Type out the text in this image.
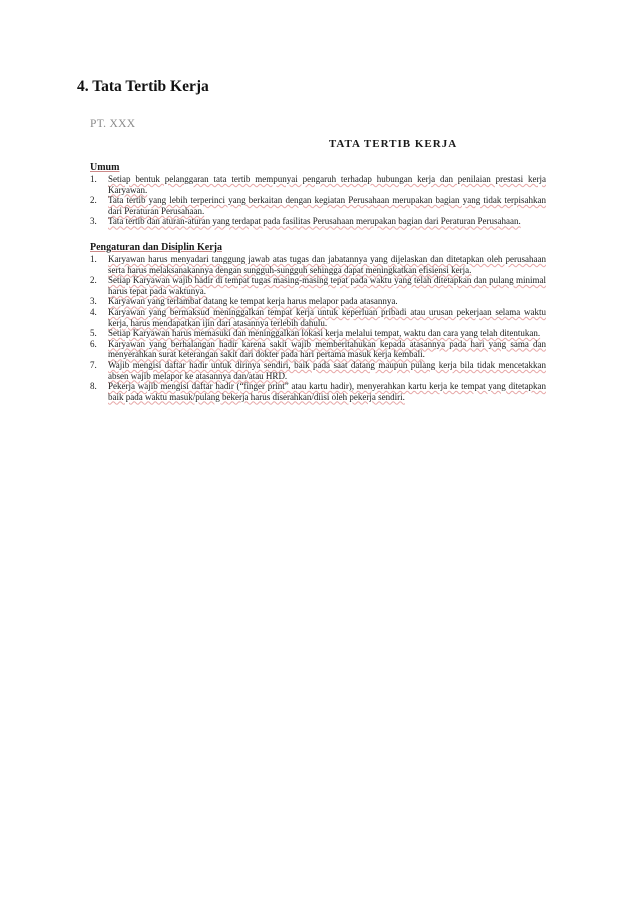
4. Tata Tertib Kerja

PT. XXX

TATA TERTIB KERJA
Umum
1.	Setiap bentuk pelanggaran tata tertib mempunyai pengaruh terhadap hubungan kerja dan penilaian prestasi kerja Karyawan.
2.	Tata tertib yang lebih terperinci yang berkaitan dengan kegiatan Perusahaan merupakan bagian yang tidak terpisahkan dari Peraturan Perusahaan.
3.	Tata tertib dan aturan-aturan yang terdapat pada fasilitas Perusahaan merupakan bagian dari Peraturan Perusahaan.
Pengaturan dan Disiplin Kerja
1.	Karyawan harus menyadari tanggung jawab atas tugas dan jabatannya yang dijelaskan dan ditetapkan oleh perusahaan serta harus melaksanakannya dengan sungguh-sungguh sehingga dapat meningkatkan efisiensi kerja.
2.	Setiap Karyawan wajib hadir di tempat tugas masing-masing tepat pada waktu yang telah ditetapkan dan pulang minimal harus tepat pada waktunya.
3.	Karyawan yang terlambat datang ke tempat kerja harus melapor pada atasannya.
4.	Karyawan yang bermaksud meninggalkan tempat kerja untuk keperluan pribadi atau urusan pekerjaan selama waktu kerja, harus mendapatkan ijin dari atasannya terlebih dahulu.
5.	Setiap Karyawan harus memasuki dan meninggalkan lokasi kerja melalui tempat, waktu dan cara yang telah ditentukan.
6.	Karyawan yang berhalangan hadir karena sakit wajib memberitahukan kepada atasannya pada hari yang sama dan menyerahkan surat keterangan sakit dari dokter pada hari pertama masuk kerja kembali.
7.	Wajib mengisi daftar hadir untuk dirinya sendiri, baik pada saat datang maupun pulang kerja bila tidak mencetakkan absen wajib melapor ke atasannya dan/atau HRD.
8.	Pekerja wajib mengisi daftar hadir (“finger print” atau kartu hadir), menyerahkan kartu kerja ke tempat yang ditetapkan baik pada waktu masuk/pulang bekerja harus diserahkan/diisi oleh pekerja sendiri.
